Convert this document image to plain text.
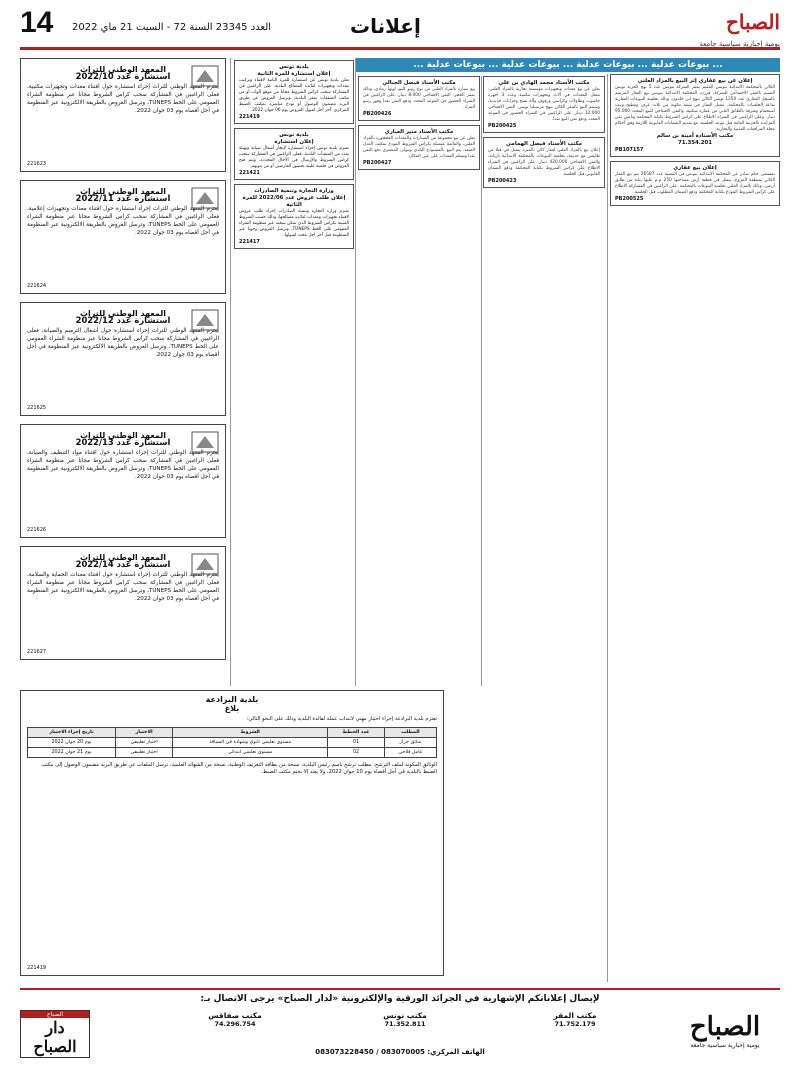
14 العدد 23345 السنة 72 - السبت 21 ماي 2022	إعلانات	الصباح
يومية إخبارية سياسية جامعة
... بيوعات عدلية ... بيوعات عدلية ... بيوعات عدلية ... بيوعات عدلية ...
إعلان عن بيع عقاري إثر البيع بالمزاد العلني
الكائن بالمحكمة الابتدائية بتونس المقيم بمقر الشركة بتونس عدد 5 نهج الحرية تونس المقيم بالمقر الاجتماعي للشركة، قررت المحكمة الابتدائية بتونس بيع العقار المرسم بالسجل العقاري عدد 1250 تونس الكائن بنهج ابن خلدون، وذلك بجلسة البيوعات العقارية بقاعة الجلسات بالمحكمة. يتمثل العقار في شقة مكونة من ثلاث غرف ومطبخ وبيت استحمام وشرفة بالطابق الثاني من عمارة سكنية، والثمن الافتتاحي للبيع المحدد 95.000 دينار. وعلى الراغبين في الشراء الاطلاع على كراس الشروط بكتابة المحكمة وتأمين ثمن المزايدة بالخزينة العامة قبل موعد الجلسة، مع تقديم الضمانات القانونية اللازمة وفق أحكام مجلة المرافعات المدنية والتجارية.
مكتب الأستاذة أمينة بن سالم
71.354.201
PB107157
إعلان بيع عقاري
بمقتضى حكم صادر عن المحكمة الابتدائية بتونس في القضية عدد 26587 يتم بيع العقار الكائن بمنطقة المروج، يتمثل في قطعة أرض مساحتها 250 م.م عليها بناية من طابق أرضي، وذلك بالمزاد العلني بجلسة البيوعات بالمحكمة. على الراغبين في المشاركة الاطلاع على كراس الشروط المودع بكتابة المحكمة ودفع الضمان المطلوب قبل الجلسة.
PB200525
مكتب الأستاذ محمد الهادي بن علي
يعلن عن بيع معدات وتجهيزات مؤسسة تجارية بالمزاد العلني. تتمثل المعدات في آلات وتجهيزات مكتبية وعدد 3 أجهزة حاسوب وطاولات وكراسي ورفوف وآلة نسخ وخزانات حديدية، وسيتم البيع بالمقر الكائن بنهج مرسيليا تونس. الثمن الافتتاحي 12.000 دينار. على الراغبين في الشراء الحضور في الموعد المحدد ودفع ثمن البيع نقدا.
PB200425
مكتب الأستاذ فيصل الهمامي
إعلان بيع بالمزاد العلني لعقار كائن بالمنزه يتمثل في فيلا من طابقين مع حديقة، بجلسة البيوعات بالمحكمة الابتدائية بأريانة، والثمن الافتتاحي 420.000 دينار. على الراغبين في الشراء الاطلاع على كراس الشروط بكتابة المحكمة ودفع الضمان القانوني قبل الجلسة.
PB200423
مكتب الأستاذ فيصل الجبالي
بيع سيارة بالمزاد العلني من نوع رونو كليو، لونها رمادي، وذلك بمقر الحجز. الثمن الافتتاحي 8.000 دينار. على الراغبين في الشراء الحضور في الموعد المحدد ودفع الثمن نقدا وفور رسو المزاد.
PB200426
مكتب الأستاذ منير العياري
يعلن عن بيع مجموعة من السيارات والمعدات المحجوزة بالمزاد العلني، والقائمة مفصلة بكراس الشروط المودع بمكتب العدل المنفذ. يتم البيع بالمستودع البلدي ويتولى المشتري دفع الثمن نقدا وتسلم المعدات على عين المكان.
PB200427
بلدية تونس
إعلان استشارة للمرة الثانية
تعلن بلدية تونس عن استشارة للمرة الثانية لاقتناء وتركيب معدات وتجهيزات لفائدة المصالح البلدية. على الراغبين في المشاركة سحب كراس الشروط مجانا من موقع الواب أو من مكتب الصفقات بمقر البلدية، وترسل العروض عن طريق البريد مضمون الوصول أو تودع مباشرة بمكتب الضبط المركزي. آخر أجل لقبول العروض يوم 06 جوان 2022.
221419
بلدية تونس
إعلان استشارة
تعتزم بلدية تونس إجراء استشارة لإنجاز أشغال صيانة وتهيئة بعدد من المنشآت البلدية، فعلى الراغبين في المشاركة سحب كراس الشروط والإرسال في الآجال المحددة، ويتم فتح العروض في جلسة علنية بحضور العارضين أو من ينوبهم.
221421
وزارة التجارة وتنمية الصادرات
إعلان طلب عروض عدد 2022/06 للمرة الثانية
تعتزم وزارة التجارة وتنمية الصادرات إجراء طلب عروض لاقتناء تجهيزات ومعدات لفائدة مصالحها، وذلك حسب الشروط المبينة بكراس الشروط الذي يمكن سحبه عبر منظومة الشراء العمومي على الخط TUNEPS، وترسل العروض وجوبا عبر المنظومة قبل آخر أجل محدد لقبولها.
221417
المعهد الوطني للتراث
استشارة عدد 2022/10
يعتزم المعهد الوطني للتراث إجراء استشارة حول اقتناء معدات وتجهيزات مكتبية، فعلى الراغبين في المشاركة سحب كراس الشروط مجانا عبر منظومة الشراء العمومي على الخط TUNEPS، وترسل العروض بالطريقة الالكترونية عبر المنظومة في أجل أقصاه يوم 03 جوان 2022.
221623
المعهد الوطني للتراث
استشارة عدد 2022/11
يعتزم المعهد الوطني للتراث إجراء استشارة حول اقتناء معدات وتجهيزات إعلامية، فعلى الراغبين في المشاركة سحب كراس الشروط مجانا عبر منظومة الشراء العمومي على الخط TUNEPS، وترسل العروض بالطريقة الالكترونية عبر المنظومة في أجل أقصاه يوم 03 جوان 2022.
221624
المعهد الوطني للتراث
استشارة عدد 2022/12
يعتزم المعهد الوطني للتراث إجراء استشارة حول أشغال الترميم والصيانة، فعلى الراغبين في المشاركة سحب كراس الشروط مجانا عبر منظومة الشراء العمومي على الخط TUNEPS، وترسل العروض بالطريقة الالكترونية عبر المنظومة في أجل أقصاه يوم 03 جوان 2022.
221625
المعهد الوطني للتراث
استشارة عدد 2022/13
يعتزم المعهد الوطني للتراث إجراء استشارة حول اقتناء مواد التنظيف والصيانة، فعلى الراغبين في المشاركة سحب كراس الشروط مجانا عبر منظومة الشراء العمومي على الخط TUNEPS، وترسل العروض بالطريقة الالكترونية عبر المنظومة في أجل أقصاه يوم 03 جوان 2022.
221626
المعهد الوطني للتراث
استشارة عدد 2022/14
يعتزم المعهد الوطني للتراث إجراء استشارة حول اقتناء معدات الحماية والسلامة، فعلى الراغبين في المشاركة سحب كراس الشروط مجانا عبر منظومة الشراء العمومي على الخط TUNEPS، وترسل العروض بالطريقة الالكترونية عبر المنظومة في أجل أقصاه يوم 03 جوان 2022.
221627
بلدية البرادعة
بلاغ
تعتزم بلدية البرادعة إجراء اختبار مهني لانتداب عملة لفائدة البلدية وذلك على النحو التالي:
المطلب	عدد الخطط	الشروط	الاختبار	تاريخ إجراء الاختبار
سائق جرار	01	مستوى تعليمي ثانوي وشهادة في السياقة	اختبار تطبيقي	يوم 20 جوان 2022
عامل فلاحي	02	مستوى تعليمي ابتدائي	اختبار تطبيقي	يوم 21 جوان 2022
الوثائق المكونة لملف الترشح: مطلب ترشح باسم رئيس البلدية، نسخة من بطاقة التعريف الوطنية، نسخة من الشهائد العلمية، ترسل الملفات عن طريق البريد مضمون الوصول إلى مكتب الضبط بالبلدية في أجل أقصاه يوم 10 جوان 2022، ولا يعتد إلا بختم مكتب الضبط.
221419
لإيصال إعلاناتكم الإشهارية في الجرائد الورقية والإلكترونية «لدار الصباح» يرجى الاتصال بـ:
الصباح
يومية إخبارية سياسية جامعة
مكتب المقر
71.752.179
مكتب تونس
71.352.811
مكتب صفاقس
74.296.754
الهاتف المركزي: 083070005 / 083073228450
الصباح
دار الصباح
